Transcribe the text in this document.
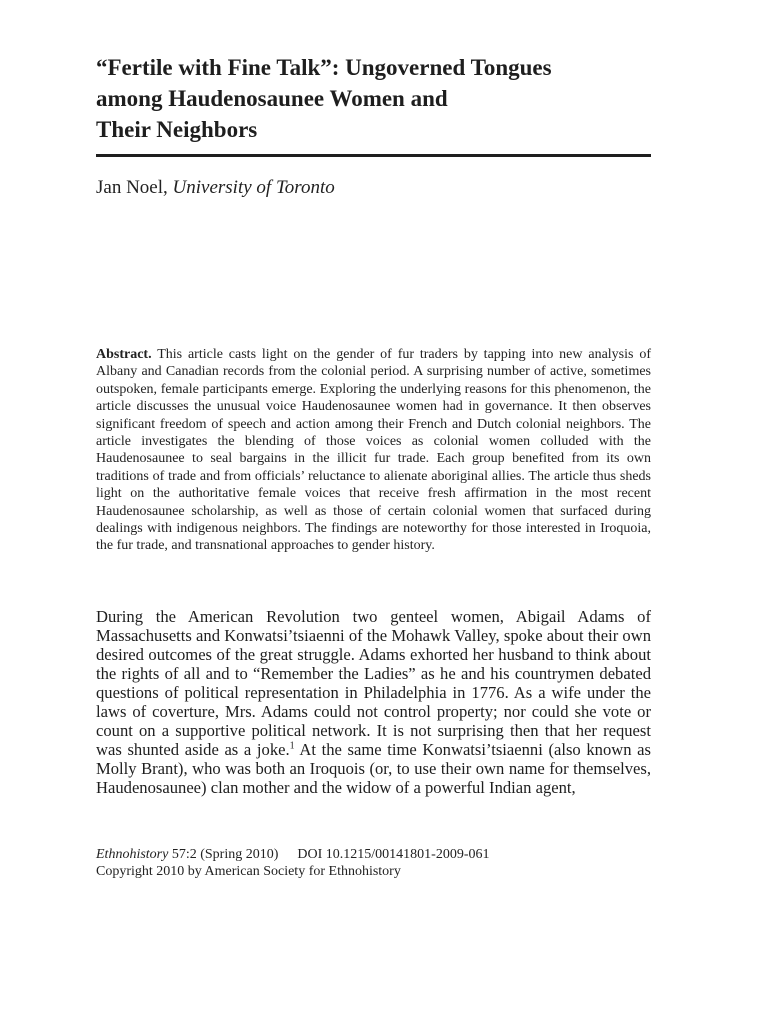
“Fertile with Fine Talk”: Ungoverned Tongues
among Haudenosaunee Women and
Their Neighbors
Jan Noel, University of Toronto

Abstract. This article casts light on the gender of fur traders by tapping into new analysis of Albany and Canadian records from the colonial period. A surprising number of active, sometimes outspoken, female participants emerge. Exploring the underlying reasons for this phenomenon, the article discusses the unusual voice Haudenosaunee women had in governance. It then observes significant freedom of speech and action among their French and Dutch colonial neighbors. The article investigates the blending of those voices as colonial women colluded with the Haudenosaunee to seal bargains in the illicit fur trade. Each group benefited from its own traditions of trade and from officials’ reluctance to alienate aboriginal allies. The article thus sheds light on the authoritative female voices that receive fresh affirmation in the most recent Haudenosaunee scholarship, as well as those of certain colonial women that surfaced during dealings with indigenous neighbors. The findings are noteworthy for those interested in Iroquoia, the fur trade, and transnational approaches to gender history.

During the American Revolution two genteel women, Abigail Adams of Massachusetts and Konwatsi’tsiaenni of the Mohawk Valley, spoke about their own desired outcomes of the great struggle. Adams exhorted her husband to think about the rights of all and to “Remember the Ladies” as he and his countrymen debated questions of political representation in Philadelphia in 1776. As a wife under the laws of coverture, Mrs. Adams could not control property; nor could she vote or count on a supportive political network. It is not surprising then that her request was shunted aside as a joke.$^1$ At the same time Konwatsi’tsiaenni (also known as Molly Brant), who was both an Iroquois (or, to use their own name for themselves, Haudenosaunee) clan mother and the widow of a powerful Indian agent,

Ethnohistory 57:2 (Spring 2010) DOI 10.1215/00141801-2009-061
Copyright 2010 by American Society for Ethnohistory
